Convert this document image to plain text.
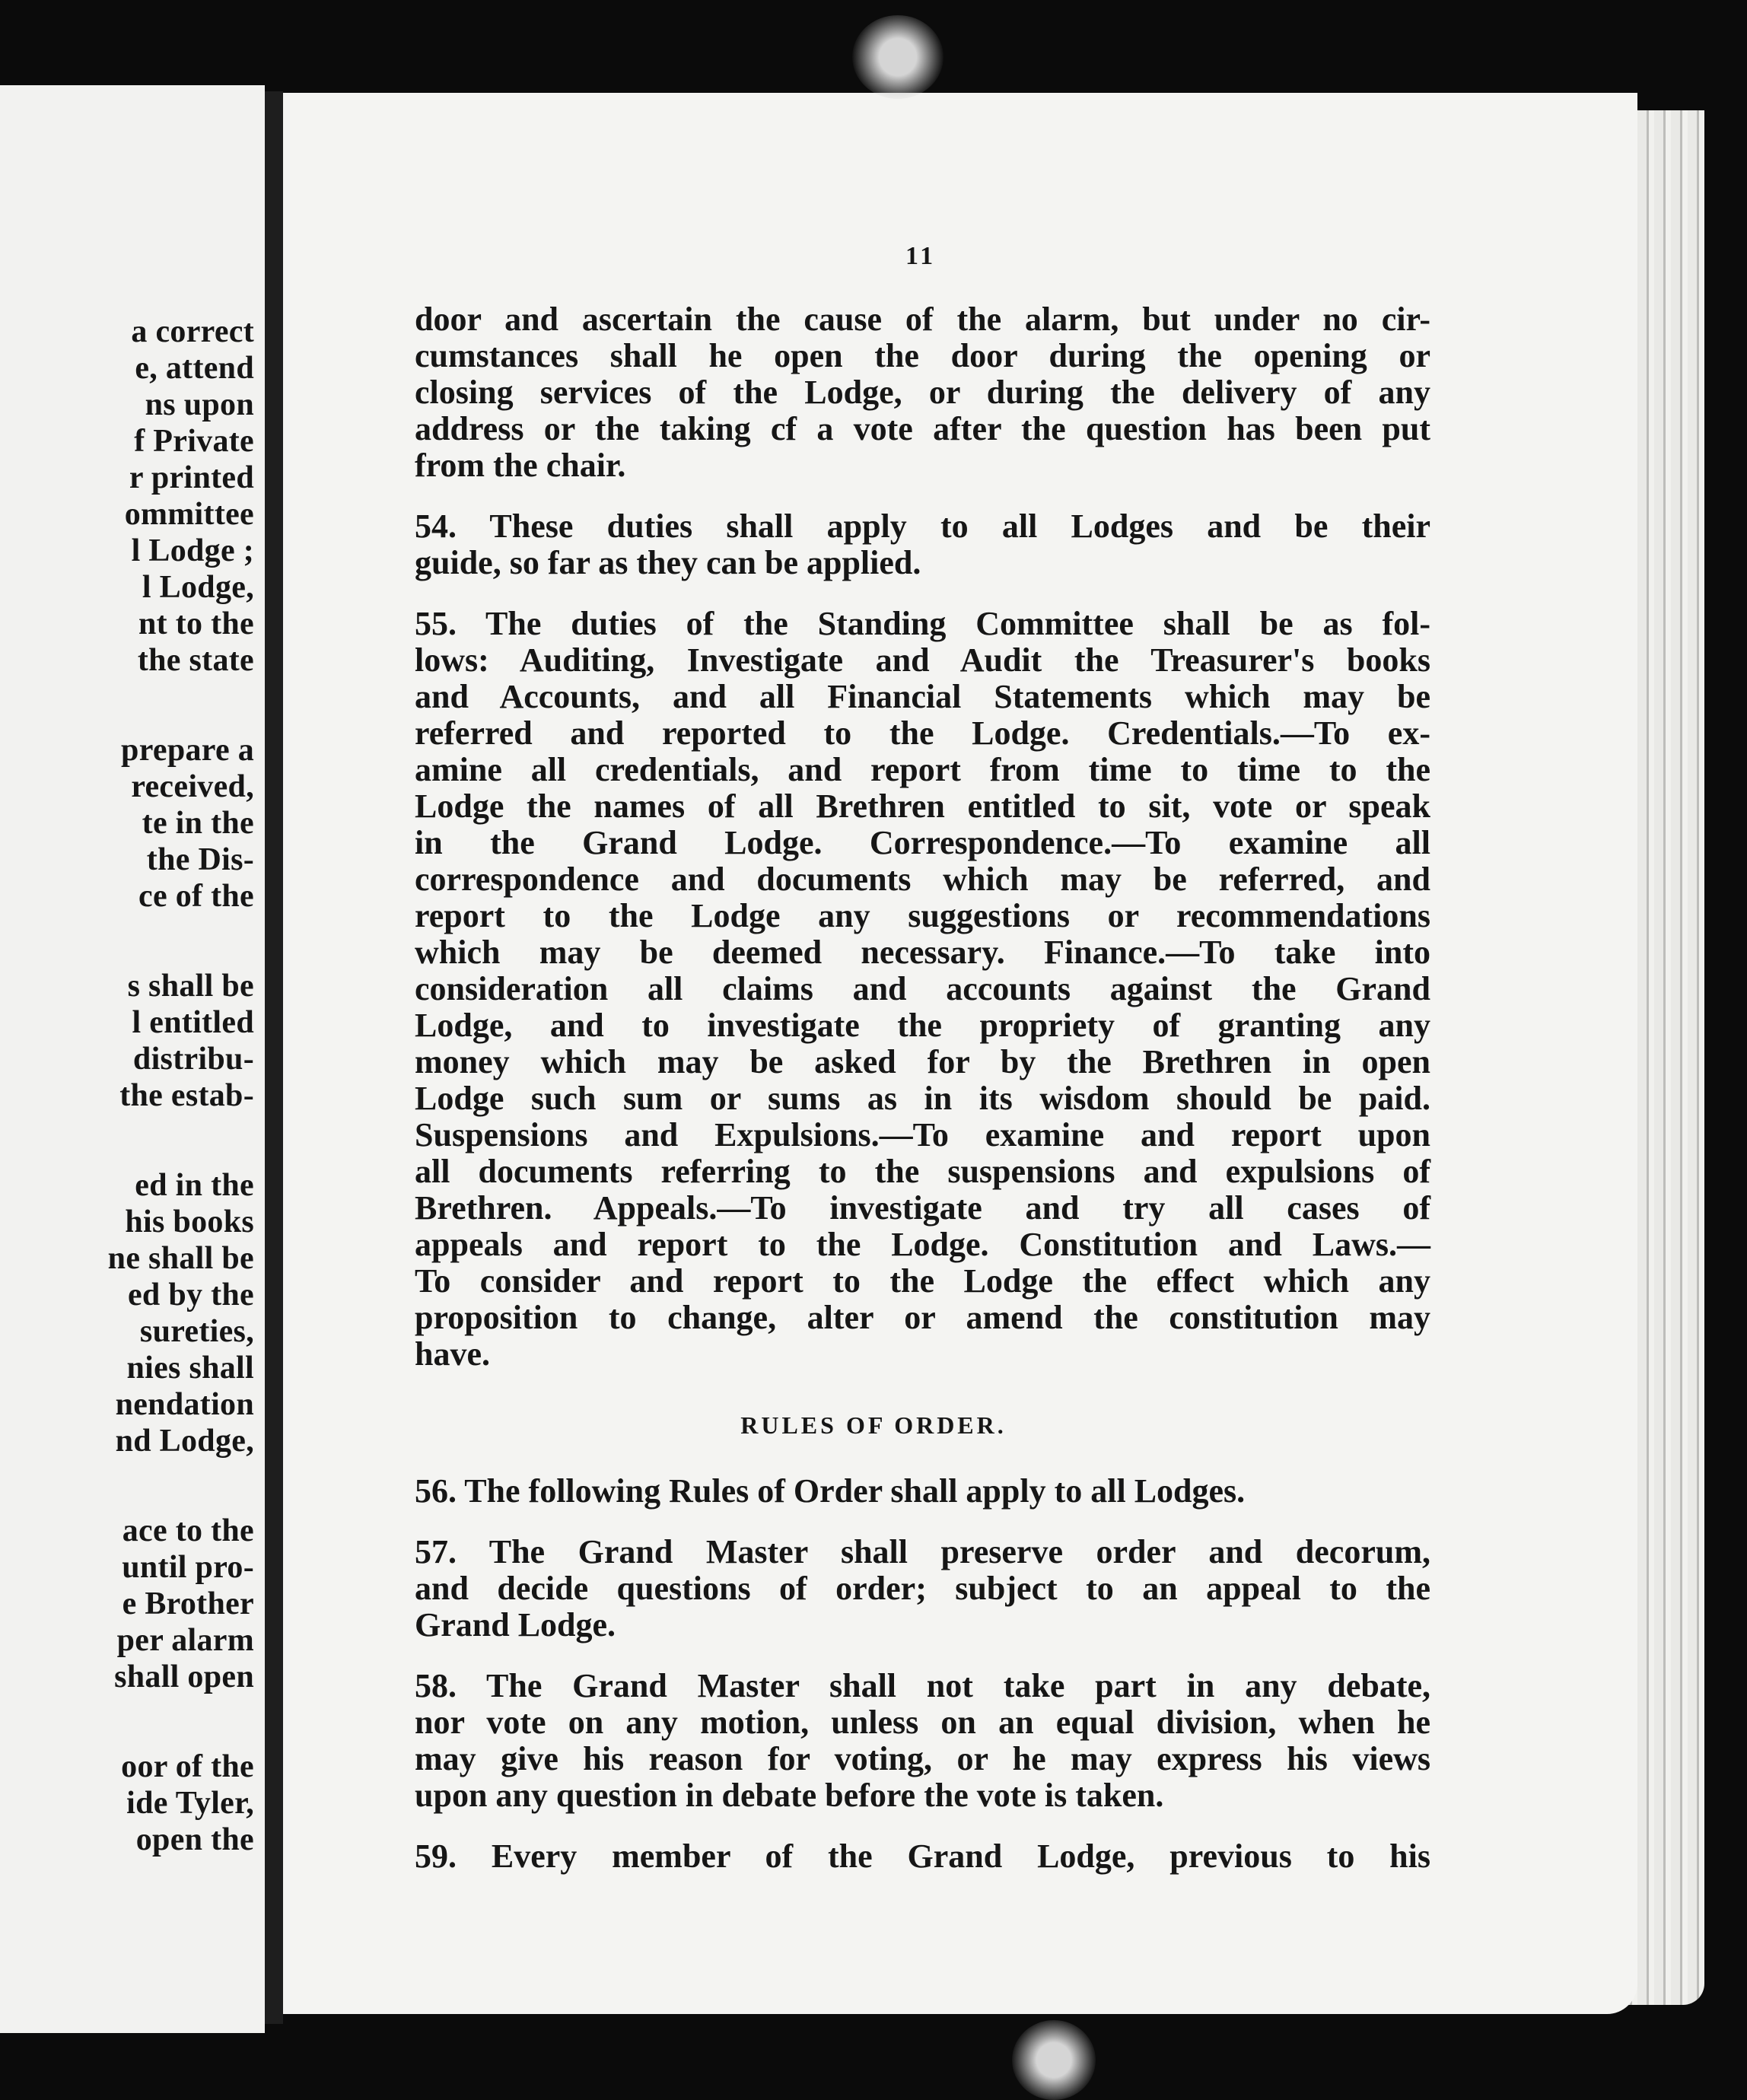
a correct
e, attend
ns upon
f Private
r printed
ommittee
l Lodge ;
l Lodge,
nt to the
the state
prepare a
received,
te in the
the Dis-
ce of the
s shall be
l entitled
distribu-
the estab-
ed in the
his books
ne shall be
ed by the
sureties,
nies shall
nendation
nd Lodge,
ace to the
until pro-
e Brother
per alarm
shall open
oor of the
ide Tyler,
open the
11
door and ascertain the cause of the alarm, but under no cir-
cumstances shall he open the door during the opening or
closing services of the Lodge, or during the delivery of any
address or the taking cf a vote after the question has been put
from the chair.
54. These duties shall apply to all Lodges and be their
guide, so far as they can be applied.
55. The duties of the Standing Committee shall be as fol-
lows: Auditing, Investigate and Audit the Treasurer's books
and Accounts, and all Financial Statements which may be
referred and reported to the Lodge. Credentials.—To ex-
amine all credentials, and report from time to time to the
Lodge the names of all Brethren entitled to sit, vote or speak
in the Grand Lodge. Correspondence.—To examine all
correspondence and documents which may be referred, and
report to the Lodge any suggestions or recommendations
which may be deemed necessary. Finance.—To take into
consideration all claims and accounts against the Grand
Lodge, and to investigate the propriety of granting any
money which may be asked for by the Brethren in open
Lodge such sum or sums as in its wisdom should be paid.
Suspensions and Expulsions.—To examine and report upon
all documents referring to the suspensions and expulsions of
Brethren. Appeals.—To investigate and try all cases of
appeals and report to the Lodge. Constitution and Laws.—
To consider and report to the Lodge the effect which any
proposition to change, alter or amend the constitution may
have.
RULES OF ORDER.
56. The following Rules of Order shall apply to all Lodges.
57. The Grand Master shall preserve order and decorum,
and decide questions of order; subject to an appeal to the
Grand Lodge.
58. The Grand Master shall not take part in any debate,
nor vote on any motion, unless on an equal division, when he
may give his reason for voting, or he may express his views
upon any question in debate before the vote is taken.
59. Every member of the Grand Lodge, previous to his
